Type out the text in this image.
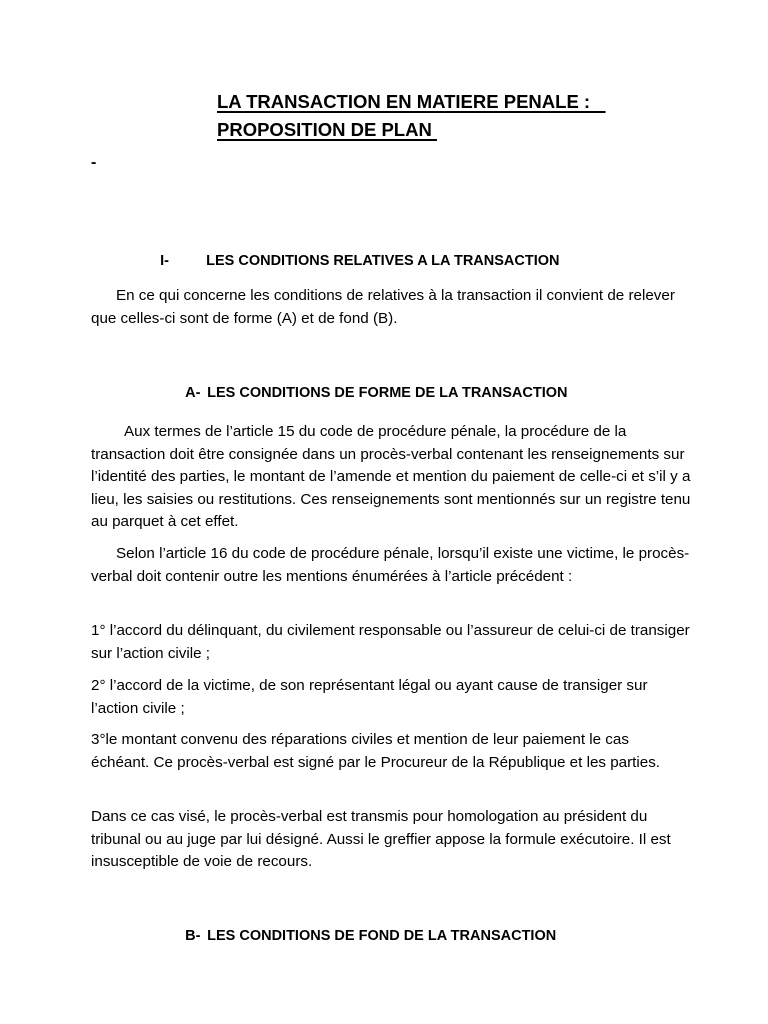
LA TRANSACTION EN MATIERE PENALE :
PROPOSITION DE PLAN
-

I-	LES CONDITIONS RELATIVES A LA TRANSACTION

En ce qui concerne les conditions de relatives à la transaction il convient de relever que celles-ci sont de forme (A) et de fond (B).

A- LES CONDITIONS DE FORME DE LA TRANSACTION

Aux termes de l’article 15 du code de procédure pénale, la procédure de la transaction doit être consignée dans un procès-verbal contenant les renseignements sur l’identité des parties, le montant de l’amende et mention du paiement de celle-ci et s’il y a lieu, les saisies ou restitutions. Ces renseignements sont mentionnés sur un registre tenu au parquet à cet effet.

Selon l’article 16 du code de procédure pénale, lorsqu’il existe une victime, le procès-verbal doit contenir outre les mentions énumérées à l’article précédent :

1° l’accord du délinquant, du civilement responsable ou l’assureur de celui-ci de transiger sur l’action civile ;

2° l’accord de la victime, de son représentant légal ou ayant cause de transiger sur l’action civile ;

3°le montant convenu des réparations civiles et mention de leur paiement le cas échéant. Ce procès-verbal est signé par le Procureur de la République et les parties.

Dans ce cas visé, le procès-verbal est transmis pour homologation au président du tribunal ou au juge par lui désigné. Aussi le greffier appose la formule exécutoire. Il est insusceptible de voie de recours.

B- LES CONDITIONS DE FOND DE LA TRANSACTION
